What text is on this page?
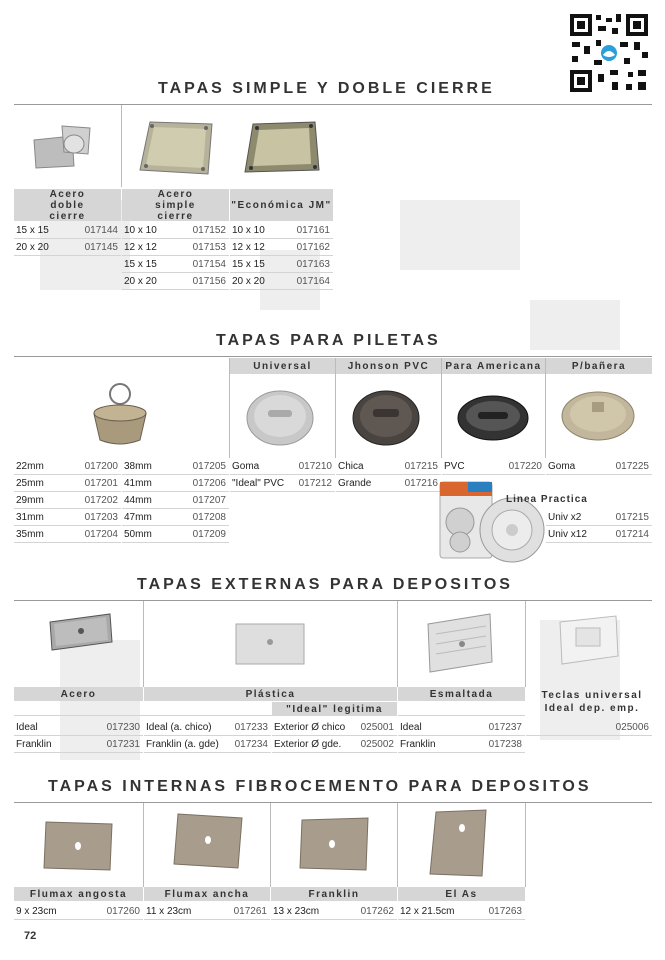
TAPAS SIMPLE Y DOBLE CIERRE
Acero doble cierre
Acero simple cierre
"Económica JM"
15 x 15	017144
20 x 20	017145
10 x 10	017152
12 x 12	017153
15 x 15	017154
20 x 20	017156
10 x 10	017161
12 x 12	017162
15 x 15	017163
20 x 20	017164
TAPAS PARA PILETAS
Universal	Jhonson PVC	Para Americana	P/bañera
22mm	017200
25mm	017201
29mm	017202
31mm	017203
35mm	017204
38mm	017205
41mm	017206
44mm	017207
47mm	017208
50mm	017209
Goma	017210
"Ideal" PVC	017212
Chica	017215
Grande	017216
PVC	017220 Goma	017225
Linea Practica
Univ x2	017215
Univ x12	017214
TAPAS EXTERNAS PARA DEPOSITOS
Acero	Plástica
"Ideal" legitima
Esmaltada	Teclas universal Ideal dep. emp.
Ideal	017230
Franklin	017231
Ideal (a. chico)	017233
Franklin (a. gde)	017234
Exterior Ø chico	025001
Exterior Ø gde.	025002
Ideal	017237
Franklin	017238
025006
TAPAS INTERNAS FIBROCEMENTO PARA DEPOSITOS
Flumax angosta	Flumax ancha	Franklin	El As
9 x 23cm	017260 11 x 23cm	017261 13 x 23cm	017262 12 x 21.5cm	017263
72
